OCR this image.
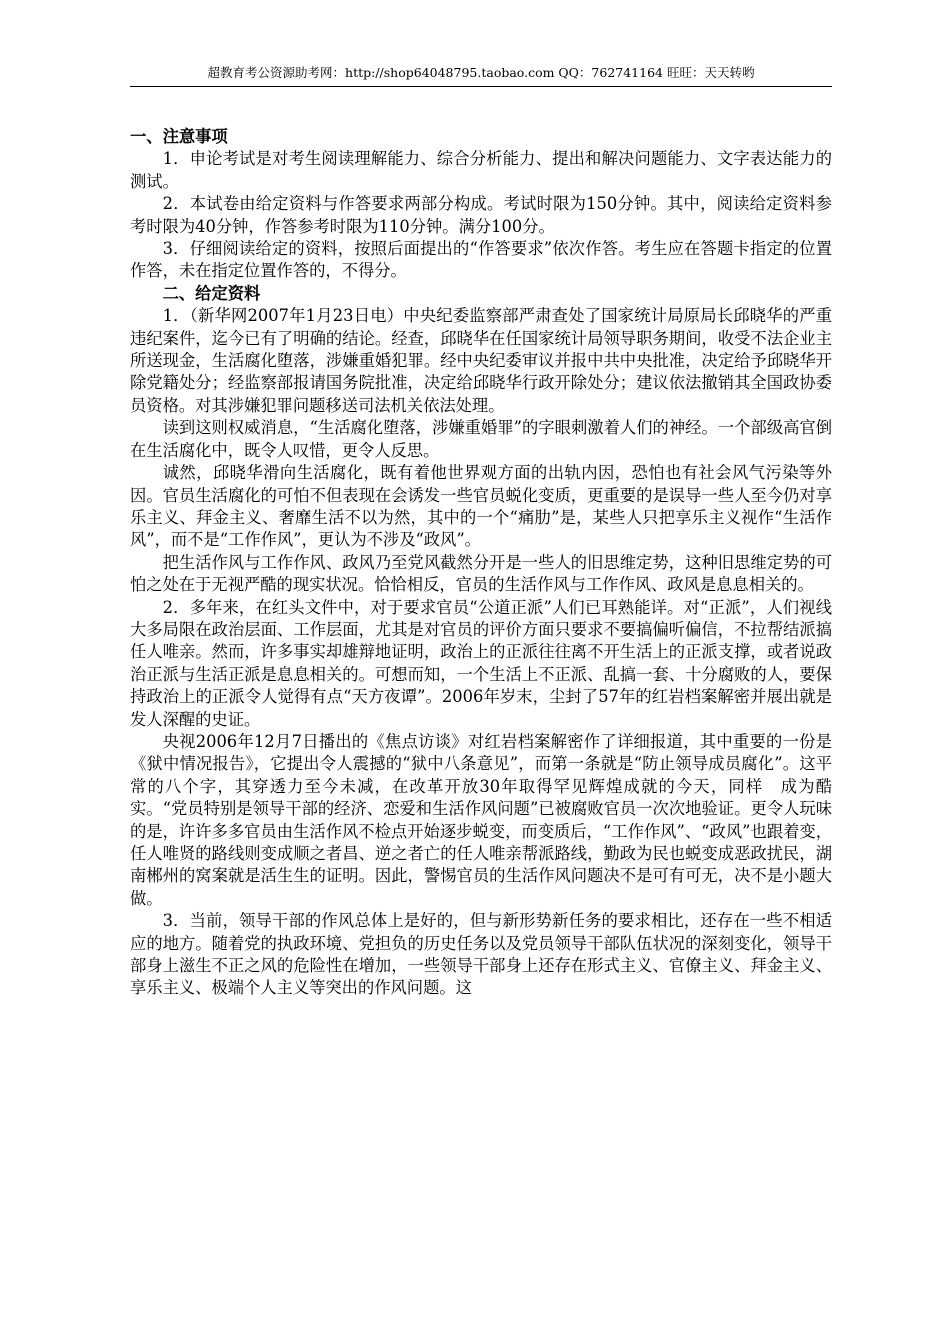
超教育考公资源助考网：http://shop64048795.taobao.com QQ：762741164 旺旺：天天转哟
一、注意事项

1．申论考试是对考生阅读理解能力、综合分析能力、提出和解决问题能力、文字表达能力的测试。

2．本试卷由给定资料与作答要求两部分构成。考试时限为150分钟。其中，阅读给定资料参考时限为40分钟，作答参考时限为110分钟。满分100分。

3．仔细阅读给定的资料，按照后面提出的“作答要求”依次作答。考生应在答题卡指定的位置作答，未在指定位置作答的，不得分。

二、给定资料

1．（新华网2007年1月23日电）中央纪委监察部严肃查处了国家统计局原局长邱晓华的严重违纪案件，迄今已有了明确的结论。经查，邱晓华在任国家统计局领导职务期间，收受不法企业主所送现金，生活腐化堕落，涉嫌重婚犯罪。经中央纪委审议并报中共中央批准，决定给予邱晓华开除党籍处分；经监察部报请国务院批准，决定给邱晓华行政开除处分；建议依法撤销其全国政协委员资格。对其涉嫌犯罪问题移送司法机关依法处理。

读到这则权威消息，“生活腐化堕落，涉嫌重婚罪”的字眼刺激着人们的神经。一个部级高官倒在生活腐化中，既令人叹惜，更令人反思。

诚然，邱晓华滑向生活腐化，既有着他世界观方面的出轨内因，恐怕也有社会风气污染等外因。官员生活腐化的可怕不但表现在会诱发一些官员蜕化变质，更重要的是误导一些人至今仍对享乐主义、拜金主义、奢靡生活不以为然，其中的一个“痛肋”是，某些人只把享乐主义视作“生活作风”，而不是“工作作风”，更认为不涉及“政风”。

把生活作风与工作作风、政风乃至党风截然分开是一些人的旧思维定势，这种旧思维定势的可怕之处在于无视严酷的现实状况。恰恰相反，官员的生活作风与工作作风、政风是息息相关的。

2．多年来，在红头文件中，对于要求官员“公道正派”人们已耳熟能详。对“正派”，人们视线大多局限在政治层面、工作层面，尤其是对官员的评价方面只要求不要搞偏听偏信，不拉帮结派搞任人唯亲。然而，许多事实却雄辩地证明，政治上的正派往往离不开生活上的正派支撑，或者说政治正派与生活正派是息息相关的。可想而知，一个生活上不正派、乱搞一套、十分腐败的人，要保持政治上的正派令人觉得有点“天方夜谭”。2006年岁末，尘封了57年的红岩档案解密并展出就是发人深醒的史证。

央视2006年12月7日播出的《焦点访谈》对红岩档案解密作了详细报道，其中重要的一份是《狱中情况报告》，它提出令人震撼的“狱中八条意见”，而第一条就是“防止领导成员腐化”。这平常的八个字，其穿透力至今未减，在改革开放30年取得罕见辉煌成就的今天，同样　成为酷实。“党员特别是领导干部的经济、恋爱和生活作风问题”已被腐败官员一次次地验证。更令人玩味的是，许许多多官员由生活作风不检点开始逐步蜕变，而变质后，“工作作风”、“政风”也跟着变，任人唯贤的路线则变成顺之者昌、逆之者亡的任人唯亲帮派路线，勤政为民也蜕变成恶政扰民，湖南郴州的窝案就是活生生的证明。因此，警惕官员的生活作风问题决不是可有可无，决不是小题大做。

3．当前，领导干部的作风总体上是好的，但与新形势新任务的要求相比，还存在一些不相适应的地方。随着党的执政环境、党担负的历史任务以及党员领导干部队伍状况的深刻变化，领导干部身上滋生不正之风的危险性在增加，一些领导干部身上还存在形式主义、官僚主义、拜金主义、享乐主义、极端个人主义等突出的作风问题。这
